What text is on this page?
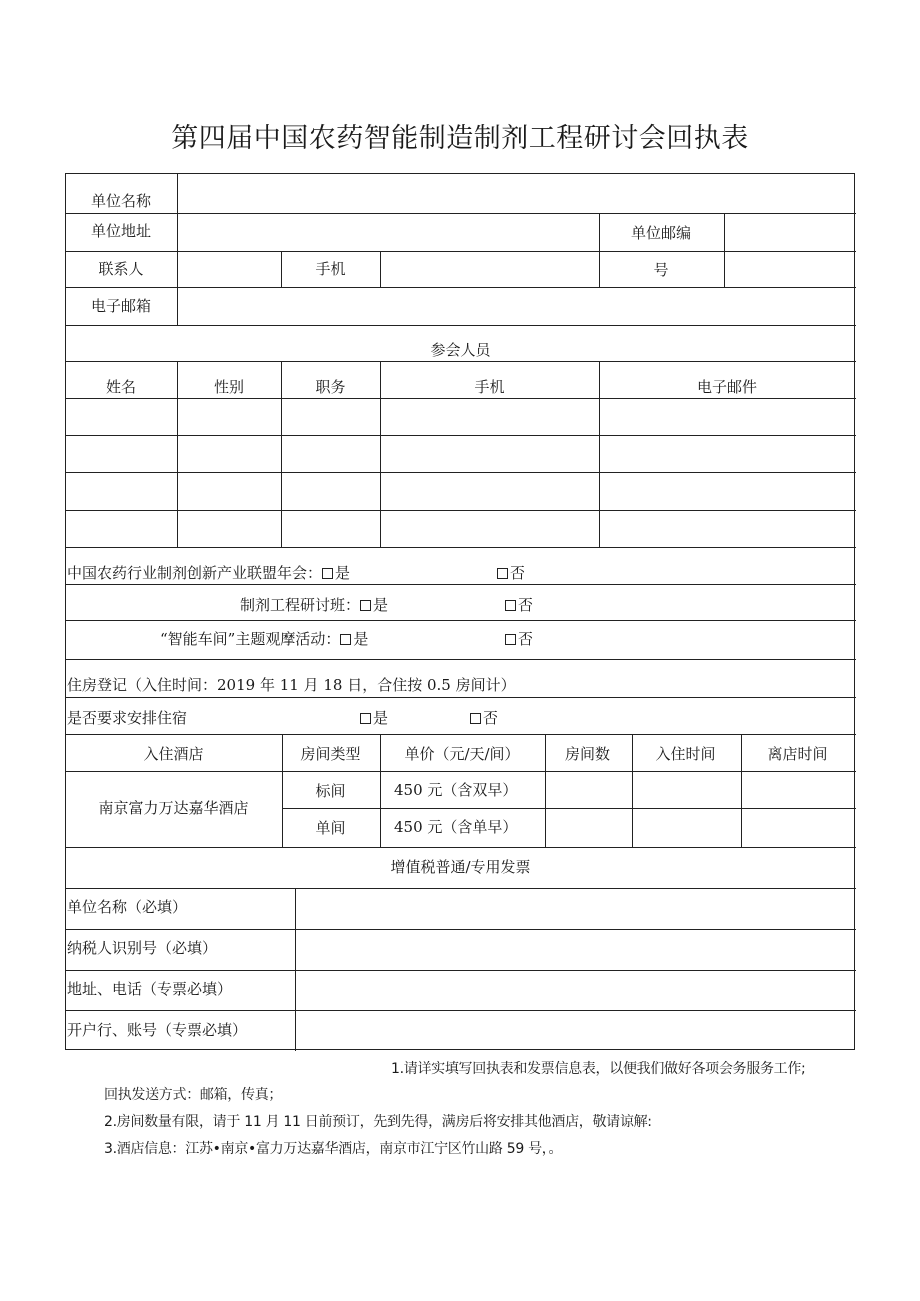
第四届中国农药智能制造制剂工程研讨会回执表
单位名称
单位地址	单位邮编
联系人	手机	号
电子邮箱
参会人员
姓名	性别	职务	手机	电子邮件
中国农药行业制剂创新产业联盟年会： 是	否
制剂工程研讨班： 是	否
“智能车间”主题观摩活动： 是	否
住房登记（入住时间：2019 年 11 月 18 日，合住按 0.5 房间计）
是否要求安排住宿	是	否
入住酒店	房间类型	单价（元/天/间）	房间数	入住时间	离店时间
南京富力万达嘉华酒店
标间	450 元（含双早）
单间	450 元（含单早）
增值税普通/专用发票
单位名称（必填）
纳税人识别号（必填）
地址、电话（专票必填）
开户行、账号（专票必填）
1.请详实填写回执表和发票信息表，以便我们做好各项会务服务工作;
回执发送方式：邮箱，传真；
2.房间数量有限，请于 11 月 11 日前预订，先到先得，满房后将安排其他酒店，敬请谅解:
3.酒店信息：江苏•南京•富力万达嘉华酒店，南京市江宁区竹山路 59 号，。
